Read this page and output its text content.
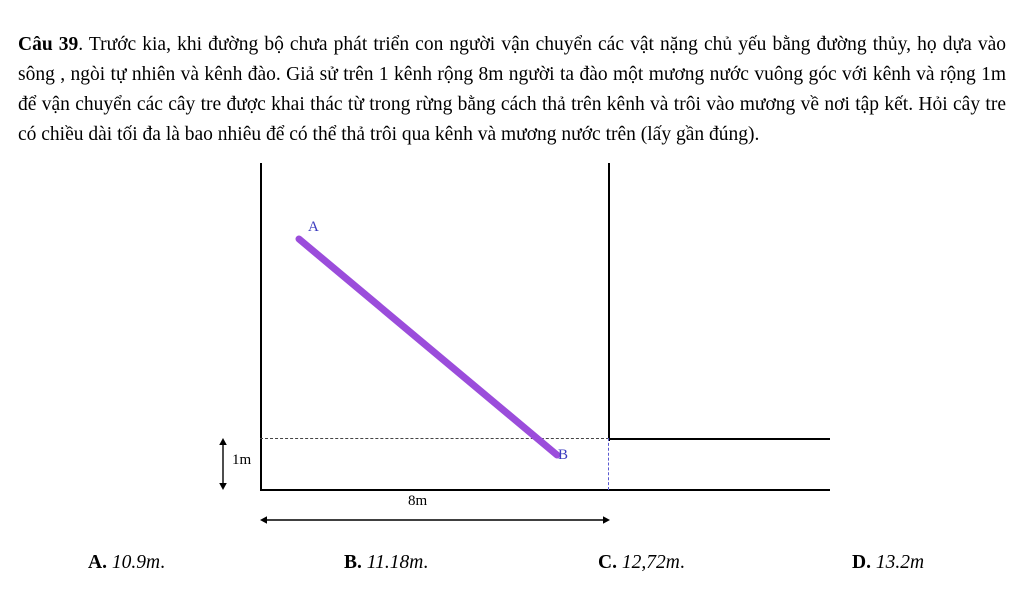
Câu 39. Trước kia, khi đường bộ chưa phát triển con người vận chuyển các vật nặng chủ yếu bằng đường thủy, họ dựa vào sông , ngòi tự nhiên và kênh đào. Giả sử trên 1 kênh rộng 8m người ta đào một mương nước vuông góc với kênh và rộng 1m để vận chuyển các cây tre được khai thác từ trong rừng bằng cách thả trên kênh và trôi vào mương về nơi tập kết. Hỏi cây tre có chiều dài tối đa là bao nhiêu để có thể thả trôi qua kênh và mương nước trên (lấy gần đúng).

A
B
1m
8m
A. 10.9m.	B. 11.18m.	C. 12,72m.	D. 13.2m
